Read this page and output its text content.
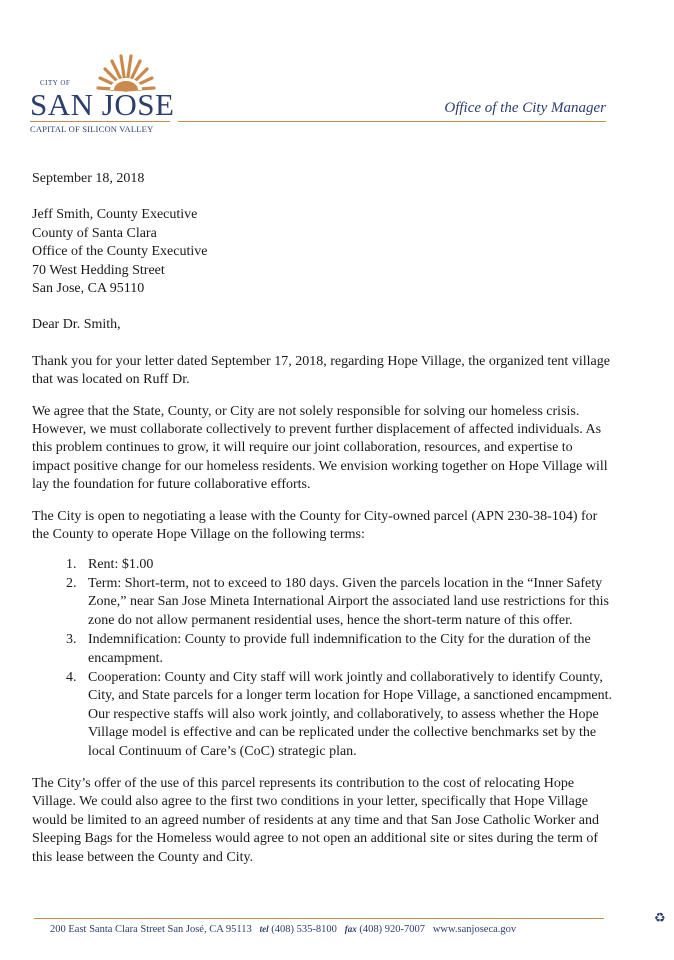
CITY OF
SAN JOSE
CAPITAL OF SILICON VALLEY
Office of the City Manager

September 18, 2018

Jeff Smith, County Executive
County of Santa Clara
Office of the County Executive
70 West Hedding Street
San Jose, CA 95110

Dear Dr. Smith,

Thank you for your letter dated September 17, 2018, regarding Hope Village, the organized tent village that was located on Ruff Dr.

We agree that the State, County, or City are not solely responsible for solving our homeless crisis. However, we must collaborate collectively to prevent further displacement of affected individuals. As this problem continues to grow, it will require our joint collaboration, resources, and expertise to impact positive change for our homeless residents. We envision working together on Hope Village will lay the foundation for future collaborative efforts.

The City is open to negotiating a lease with the County for City-owned parcel (APN 230-38-104) for the County to operate Hope Village on the following terms:

1. Rent: $1.00
2. Term: Short-term, not to exceed to 180 days. Given the parcels location in the “Inner Safety Zone,” near San Jose Mineta International Airport the associated land use restrictions for this zone do not allow permanent residential uses, hence the short-term nature of this offer.
3. Indemnification: County to provide full indemnification to the City for the duration of the encampment.
4. Cooperation: County and City staff will work jointly and collaboratively to identify County, City, and State parcels for a longer term location for Hope Village, a sanctioned encampment. Our respective staffs will also work jointly, and collaboratively, to assess whether the Hope Village model is effective and can be replicated under the collective benchmarks set by the local Continuum of Care’s (CoC) strategic plan.

The City’s offer of the use of this parcel represents its contribution to the cost of relocating Hope Village. We could also agree to the first two conditions in your letter, specifically that Hope Village would be limited to an agreed number of residents at any time and that San Jose Catholic Worker and Sleeping Bags for the Homeless would agree to not open an additional site or sites during the term of this lease between the County and City.

200 East Santa Clara Street San José, CA 95113 tel (408) 535-8100 fax (408) 920-7007 www.sanjoseca.gov
♻
